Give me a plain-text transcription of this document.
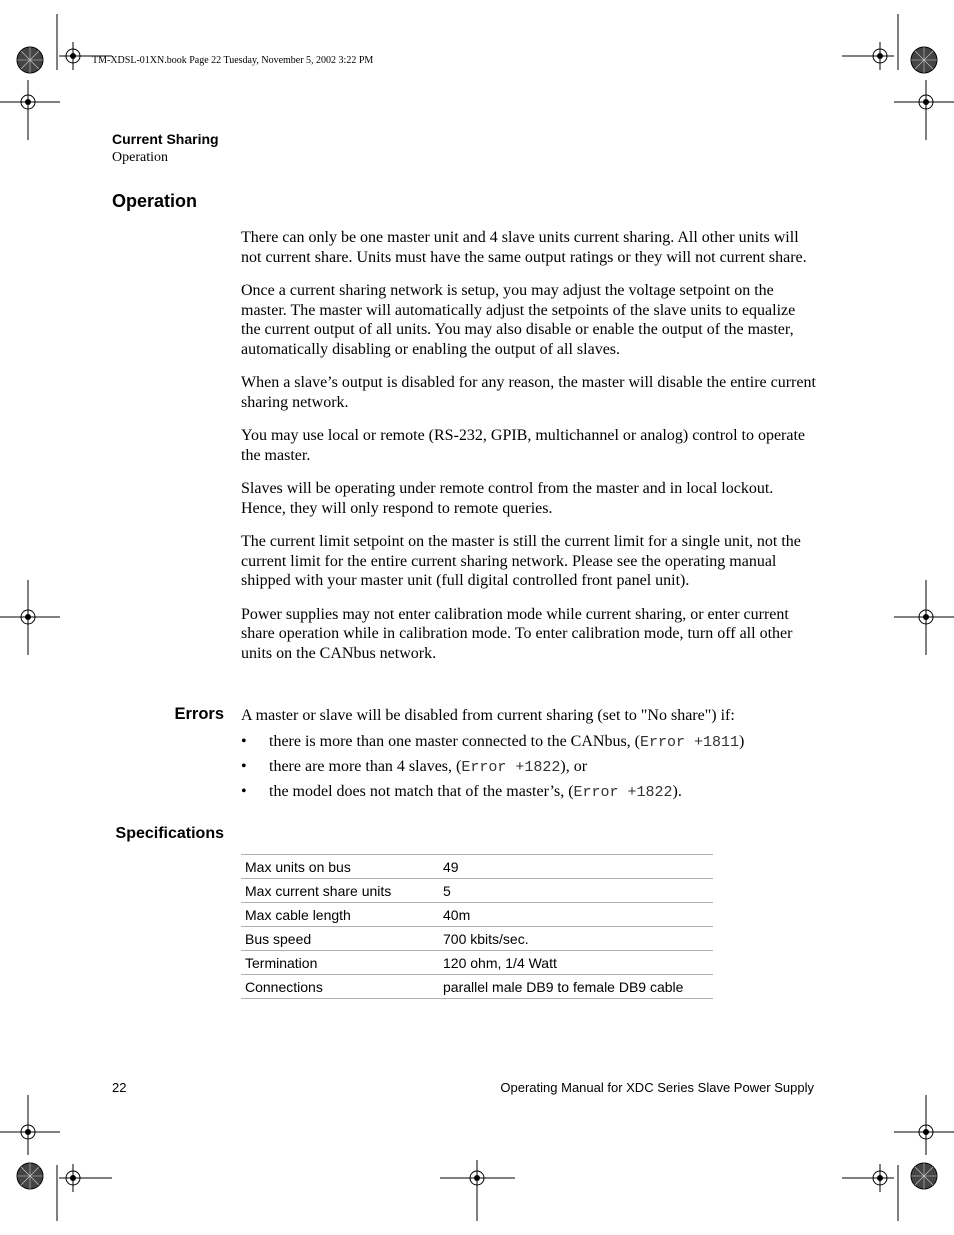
TM-XDSL-01XN.book Page 22 Tuesday, November 5, 2002 3:22 PM
Current Sharing
Operation
Operation

There can only be one master unit and 4 slave units current sharing. All other units will not current share. Units must have the same output ratings or they will not current share.

Once a current sharing network is setup, you may adjust the voltage setpoint on the master. The master will automatically adjust the setpoints of the slave units to equalize the current output of all units. You may also disable or enable the output of the master, automatically disabling or enabling the output of all slaves.

When a slave’s output is disabled for any reason, the master will disable the entire current sharing network.

You may use local or remote (RS-232, GPIB, multichannel or analog) control to operate the master.

Slaves will be operating under remote control from the master and in local lockout. Hence, they will only respond to remote queries.

The current limit setpoint on the master is still the current limit for a single unit, not the current limit for the entire current sharing network. Please see the operating manual shipped with your master unit (full digital controlled front panel unit).

Power supplies may not enter calibration mode while current sharing, or enter current share operation while in calibration mode. To enter calibration mode, turn off all other units on the CANbus network.

Errors A master or slave will be disabled from current sharing (set to "No share") if:
• there is more than one master connected to the CANbus, (Error +1811)
• there are more than 4 slaves, (Error +1822), or
• the model does not match that of the master’s, (Error +1822).
Specifications
Max units on bus	49
Max current share units	5
Max cable length	40m
Bus speed	700 kbits/sec.
Termination	120 ohm, 1/4 Watt
Connections	parallel male DB9 to female DB9 cable
22	Operating Manual for XDC Series Slave Power Supply
